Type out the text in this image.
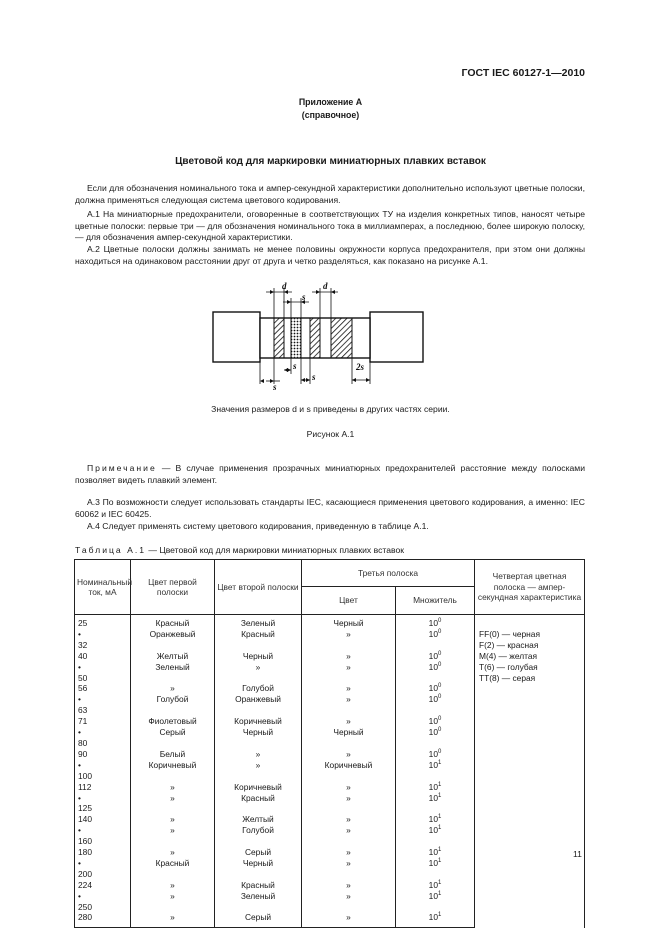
ГОСТ IEC 60127-1—2010
Приложение А
(справочное)
Цветовой код для маркировки миниатюрных плавких вставок
Если для обозначения номинального тока и ампер-секундной характеристики дополнительно используют цветные полоски, должна применяться следующая система цветового кодирования.
А.1 На миниатюрные предохранители, оговоренные в соответствующих ТУ на изделия конкретных типов, наносят четыре цветные полоски: первые три — для обозначения номинального тока в миллиамперах, а последнюю, более широкую полоску, — для обозначения ампер-секундной характеристики.
А.2 Цветные полоски должны занимать не менее половины окружности корпуса предохранителя, при этом они должны находиться на одинаковом расстоянии друг от друга и четко разделяться, как показано на рисунке А.1.
d
s
d
s
s
s
2s
Значения размеров d и s приведены в других частях серии.
Рисунок А.1
Примечание — В случае применения прозрачных миниатюрных предохранителей расстояние между полосками позволяет видеть плавкий элемент.
А.3 По возможности следует использовать стандарты IEC, касающиеся применения цветового кодирования, а именно: IEC 60062 и IEC 60425.
А.4 Следует применять систему цветового кодирования, приведенную в таблице А.1.
Таблица А.1 — Цветовой код для маркировки миниатюрных плавких вставок
Номинальный ток, мА	Цвет первой полоски	Цвет второй полоски	Третья полоска		Четвертая цветная полоска — ампер-секундная характеристика
			Цвет	Множитель	
25	Красный	Зеленый	Черный	$10^0$	FF(0) — черная
F(2) — красная
M(4) — желтая
T(6) — голубая
TT(8) — серая

•32	Оранжевый	Красный	»	$10^0$
40	Желтый	Черный	»	$10^0$
•50	Зеленый	»	»	$10^0$
56	»	Голубой	»	$10^0$
•63	Голубой	Оранжевый	»	$10^0$
71	Фиолетовый	Коричневый	»	$10^0$
•80	Серый	Черный	Черный	$10^0$
90	Белый	»	»	$10^0$
•100	Коричневый	»	Коричневый	$10^1$
112	»	Коричневый	»	$10^1$
•125	»	Красный	»	$10^1$
140	»	Желтый	»	$10^1$
•160	»	Голубой	»	$10^1$
180	»	Серый	»	$10^1$
•200	Красный	Черный	»	$10^1$
224	»	Красный	»	$10^1$
•250	»	Зеленый	»	$10^1$
280	»	Серый	»	$10^1$
11
